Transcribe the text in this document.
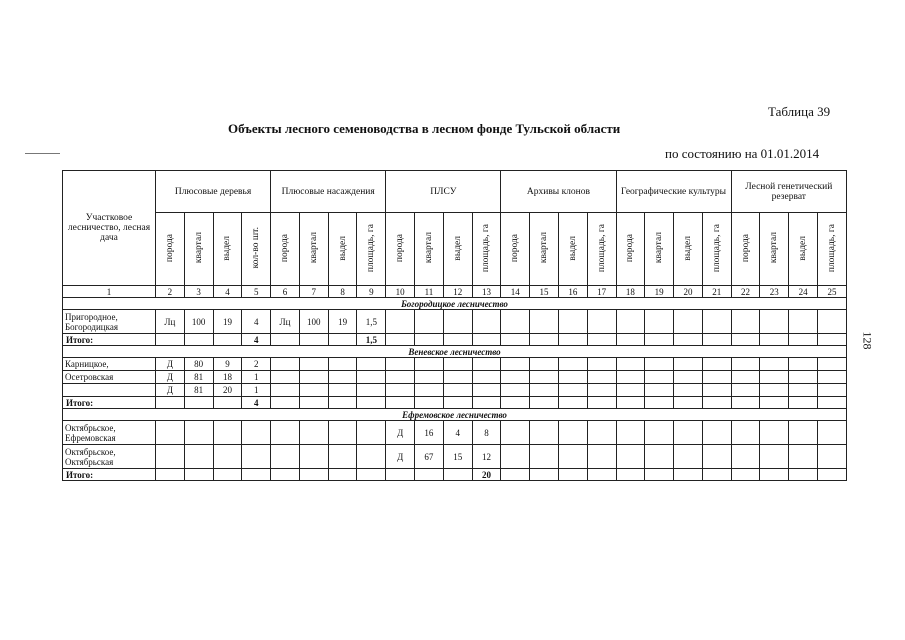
Таблица 39
Объекты лесного семеноводства в лесном фонде Тульской области
по состоянию на 01.01.2014
128
Участковое лесничество, лесная дача	Плюсовые деревья				Плюсовые насаждения				ПЛСУ				Архивы клонов				Географические культуры				Лесной генетический резерват			
	порода	квартал	выдел	кол-во шт.	порода	квартал	выдел	площадь, га	порода	квартал	выдел	площадь, га	порода	квартал	выдел	площадь, га	порода	квартал	выдел	площадь, га	порода	квартал	выдел	площадь, га
1	2	3	4	5	6	7	8	9	10	11	12	13	14	15	16	17	18	19	20	21	22	23	24	25
Богородицкое лесничество																								
Пригородное, Богородицкая	Лц	100	19	4	Лц	100	19	1,5																
Итого:				4				1,5																
Веневское лесничество																								
Карницкое,	Д	80	9	2																				
Осетровская	Д	81	18	1																				
	Д	81	20	1																				
Итого:				4																				
Ефремовское лесничество																								
Октябрьское, Ефремовская									Д	16	4	8												
Октябрьское, Октябрьская									Д	67	15	12												
Итого:												20												
